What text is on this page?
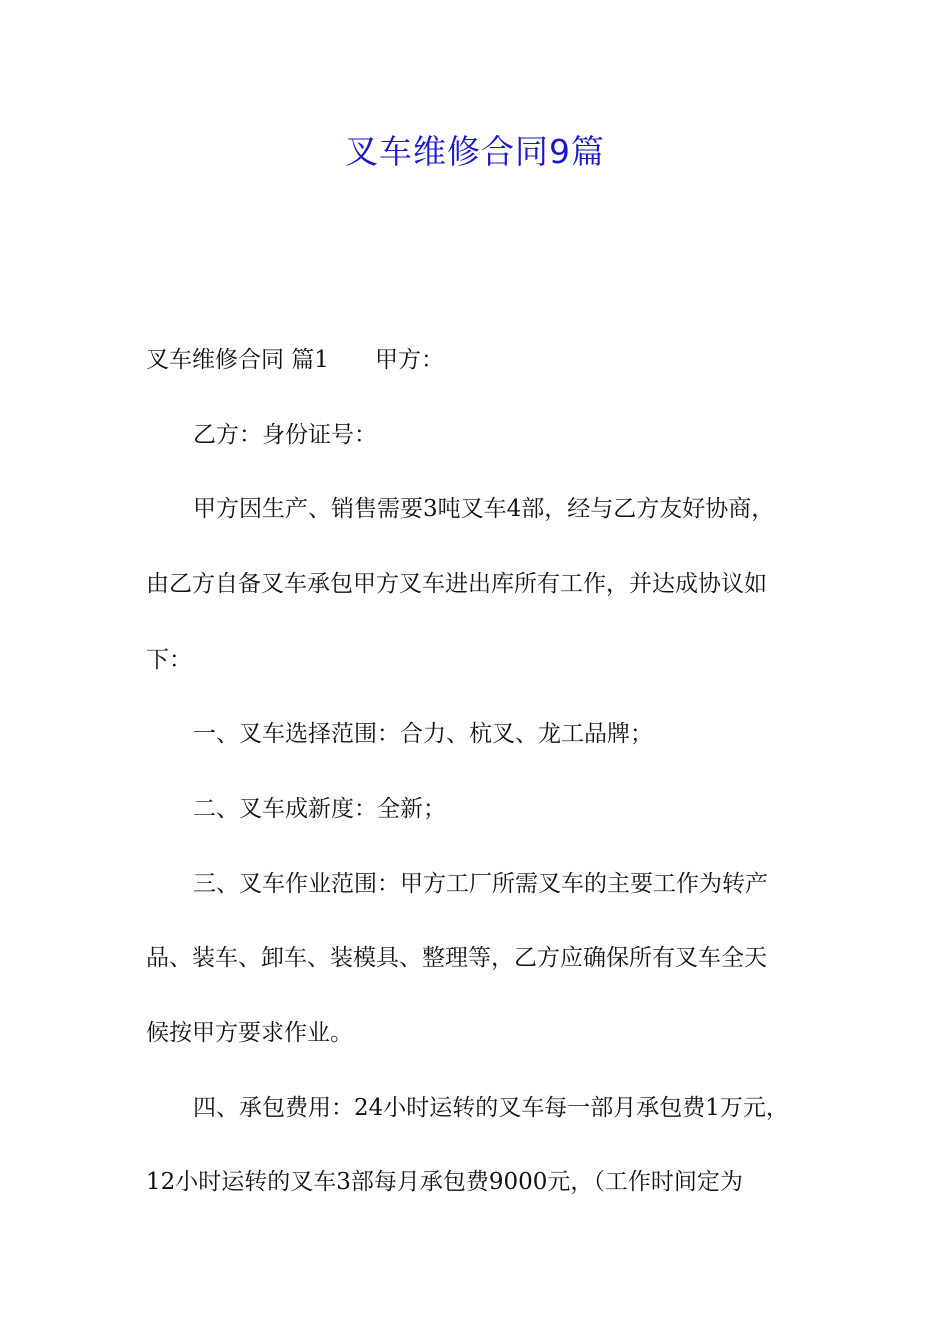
叉车维修合同9篇
叉车维修合同 篇1 甲方：
乙方：身份证号：
甲方因生产、销售需要3吨叉车4部，经与乙方友好协商，
由乙方自备叉车承包甲方叉车进出库所有工作，并达成协议如
下：
一、叉车选择范围：合力、杭叉、龙工品牌；
二、叉车成新度：全新；
三、叉车作业范围：甲方工厂所需叉车的主要工作为转产
品、装车、卸车、装模具、整理等，乙方应确保所有叉车全天
候按甲方要求作业。
四、承包费用：24小时运转的叉车每一部月承包费1万元，
12小时运转的叉车3部每月承包费9000元，（工作时间定为
